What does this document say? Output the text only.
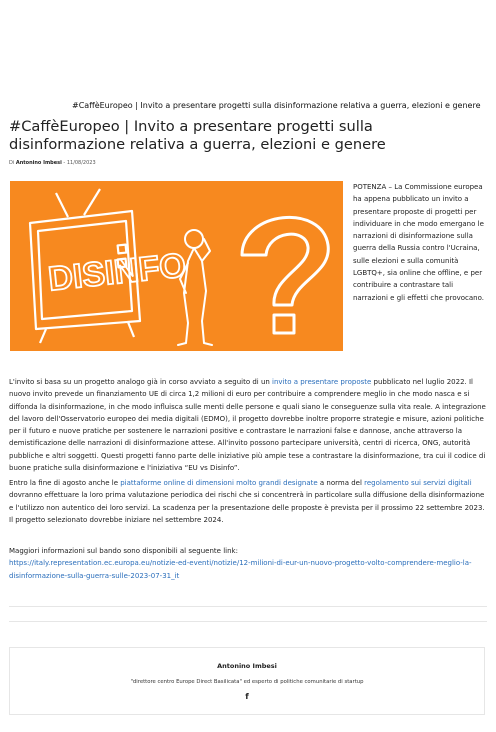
#CaffèEuropeo | Invito a presentare progetti sulla disinformazione relativa a guerra, elezioni e genere
#CaffèEuropeo | Invito a presentare progetti sulla disinformazione relativa a guerra, elezioni e genere
Di Antonino Imbesi - 11/08/2023
DISINFO
POTENZA – La Commissione europea ha appena pubblicato un invito a presentare proposte di progetti per individuare in che modo emergano le narrazioni di disinformazione sulla guerra della Russia contro l'Ucraina, sulle elezioni e sulla comunità LGBTQ+, sia online che offline, e per contribuire a contrastare tali narrazioni e gli effetti che provocano.

L'invito si basa su un progetto analogo già in corso avviato a seguito di un invito a presentare proposte pubblicato nel luglio 2022. Il nuovo invito prevede un finanziamento UE di circa 1,2 milioni di euro per contribuire a comprendere meglio in che modo nasca e si diffonda la disinformazione, in che modo influisca sulle menti delle persone e quali siano le conseguenze sulla vita reale. A integrazione del lavoro dell'Osservatorio europeo dei media digitali (EDMO), il progetto dovrebbe inoltre proporre strategie e misure, azioni politiche per il futuro e nuove pratiche per sostenere le narrazioni positive e contrastare le narrazioni false e dannose, anche attraverso la demistificazione delle narrazioni di disinformazione attese. All'invito possono partecipare università, centri di ricerca, ONG, autorità pubbliche e altri soggetti. Questi progetti fanno parte delle iniziative più ampie tese a contrastare la disinformazione, tra cui il codice di buone pratiche sulla disinformazione e l'iniziativa “EU vs Disinfo”.

Entro la fine di agosto anche le piattaforme online di dimensioni molto grandi designate a norma del regolamento sui servizi digitali dovranno effettuare la loro prima valutazione periodica dei rischi che si concentrerà in particolare sulla diffusione della disinformazione e l'utilizzo non autentico dei loro servizi. La scadenza per la presentazione delle proposte è prevista per il prossimo 22 settembre 2023. Il progetto selezionato dovrebbe iniziare nel settembre 2024.

Maggiori informazioni sul bando sono disponibili al seguente link:
https://italy.representation.ec.europa.eu/notizie-ed-eventi/notizie/12-milioni-di-eur-un-nuovo-progetto-volto-comprendere-meglio-la-disinformazione-sulla-guerra-sulle-2023-07-31_it

Antonino Imbesi
"direttore centro Europe Direct Basilicata" ed esperto di politiche comunitarie di startup
f
